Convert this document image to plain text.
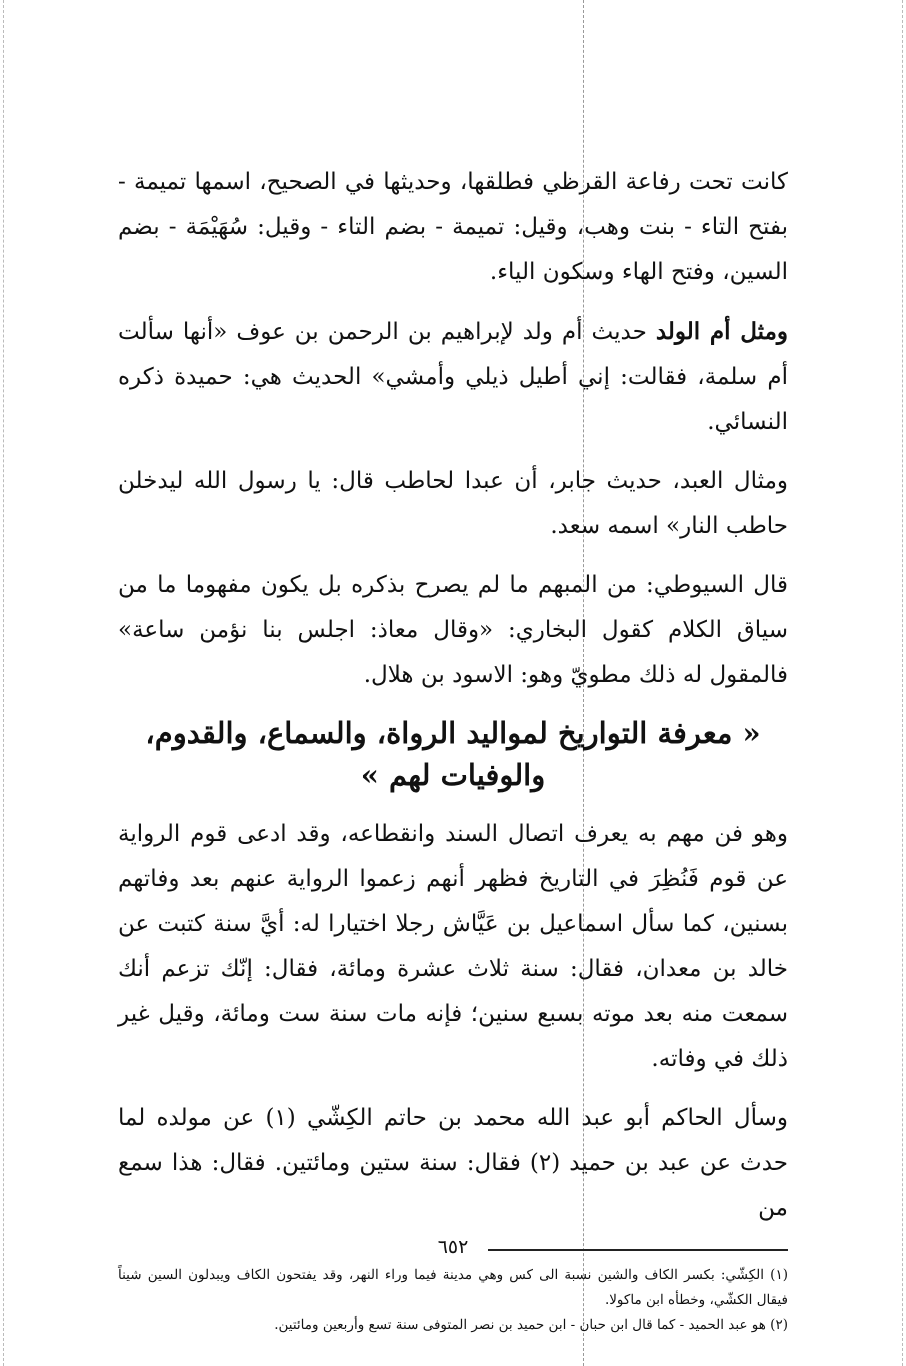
كانت تحت رفاعة القرظي فطلقها، وحديثها في الصحيح، اسمها تميمة - بفتح التاء - بنت وهب، وقيل: تميمة - بضم التاء - وقيل: سُهَيْمَة - بضم السين، وفتح الهاء وسكون الياء.

ومثل أم الولد حديث أم ولد لإبراهيم بن الرحمن بن عوف «أنها سألت أم سلمة، فقالت: إني أطيل ذيلي وأمشي» الحديث هي: حميدة ذكره النسائي.

ومثال العبد، حديث جابر، أن عبدا لحاطب قال: يا رسول الله ليدخلن حاطب النار» اسمه سعد.

قال السيوطي: من المبهم ما لم يصرح بذكره بل يكون مفهوما ما من سياق الكلام كقول البخاري: «وقال معاذ: اجلس بنا نؤمن ساعة» فالمقول له ذلك مطويّ وهو: الاسود بن هلال.

« معرفة التواريخ لمواليد الرواة، والسماع، والقدوم، والوفيات لهم »

وهو فن مهم به يعرف اتصال السند وانقطاعه، وقد ادعى قوم الرواية عن قوم فَنُظِرَ في التاريخ فظهر أنهم زعموا الرواية عنهم بعد وفاتهم بسنين، كما سأل اسماعيل بن عَيَّاش رجلا اختيارا له: أيَّ سنة كتبت عن خالد بن معدان، فقال: سنة ثلاث عشرة ومائة، فقال: إنّك تزعم أنك سمعت منه بعد موته بسبع سنين؛ فإنه مات سنة ست ومائة، وقيل غير ذلك في وفاته.

وسأل الحاكم أبو عبد الله محمد بن حاتم الكِشّي (١) عن مولده لما حدث عن عبد بن حميد (٢) فقال: سنة ستين ومائتين. فقال: هذا سمع من

(١) الكِشّي: بكسر الكاف والشين نسبة الى كس وهي مدينة فيما وراء النهر، وقد يفتحون الكاف ويبدلون السين شيناً فيقال الكشّي، وخطأه ابن ماكولا.

(٢) هو عبد الحميد - كما قال ابن حبان - ابن حميد بن نصر المتوفى سنة تسع وأربعين ومائتين.

٦٥٢
